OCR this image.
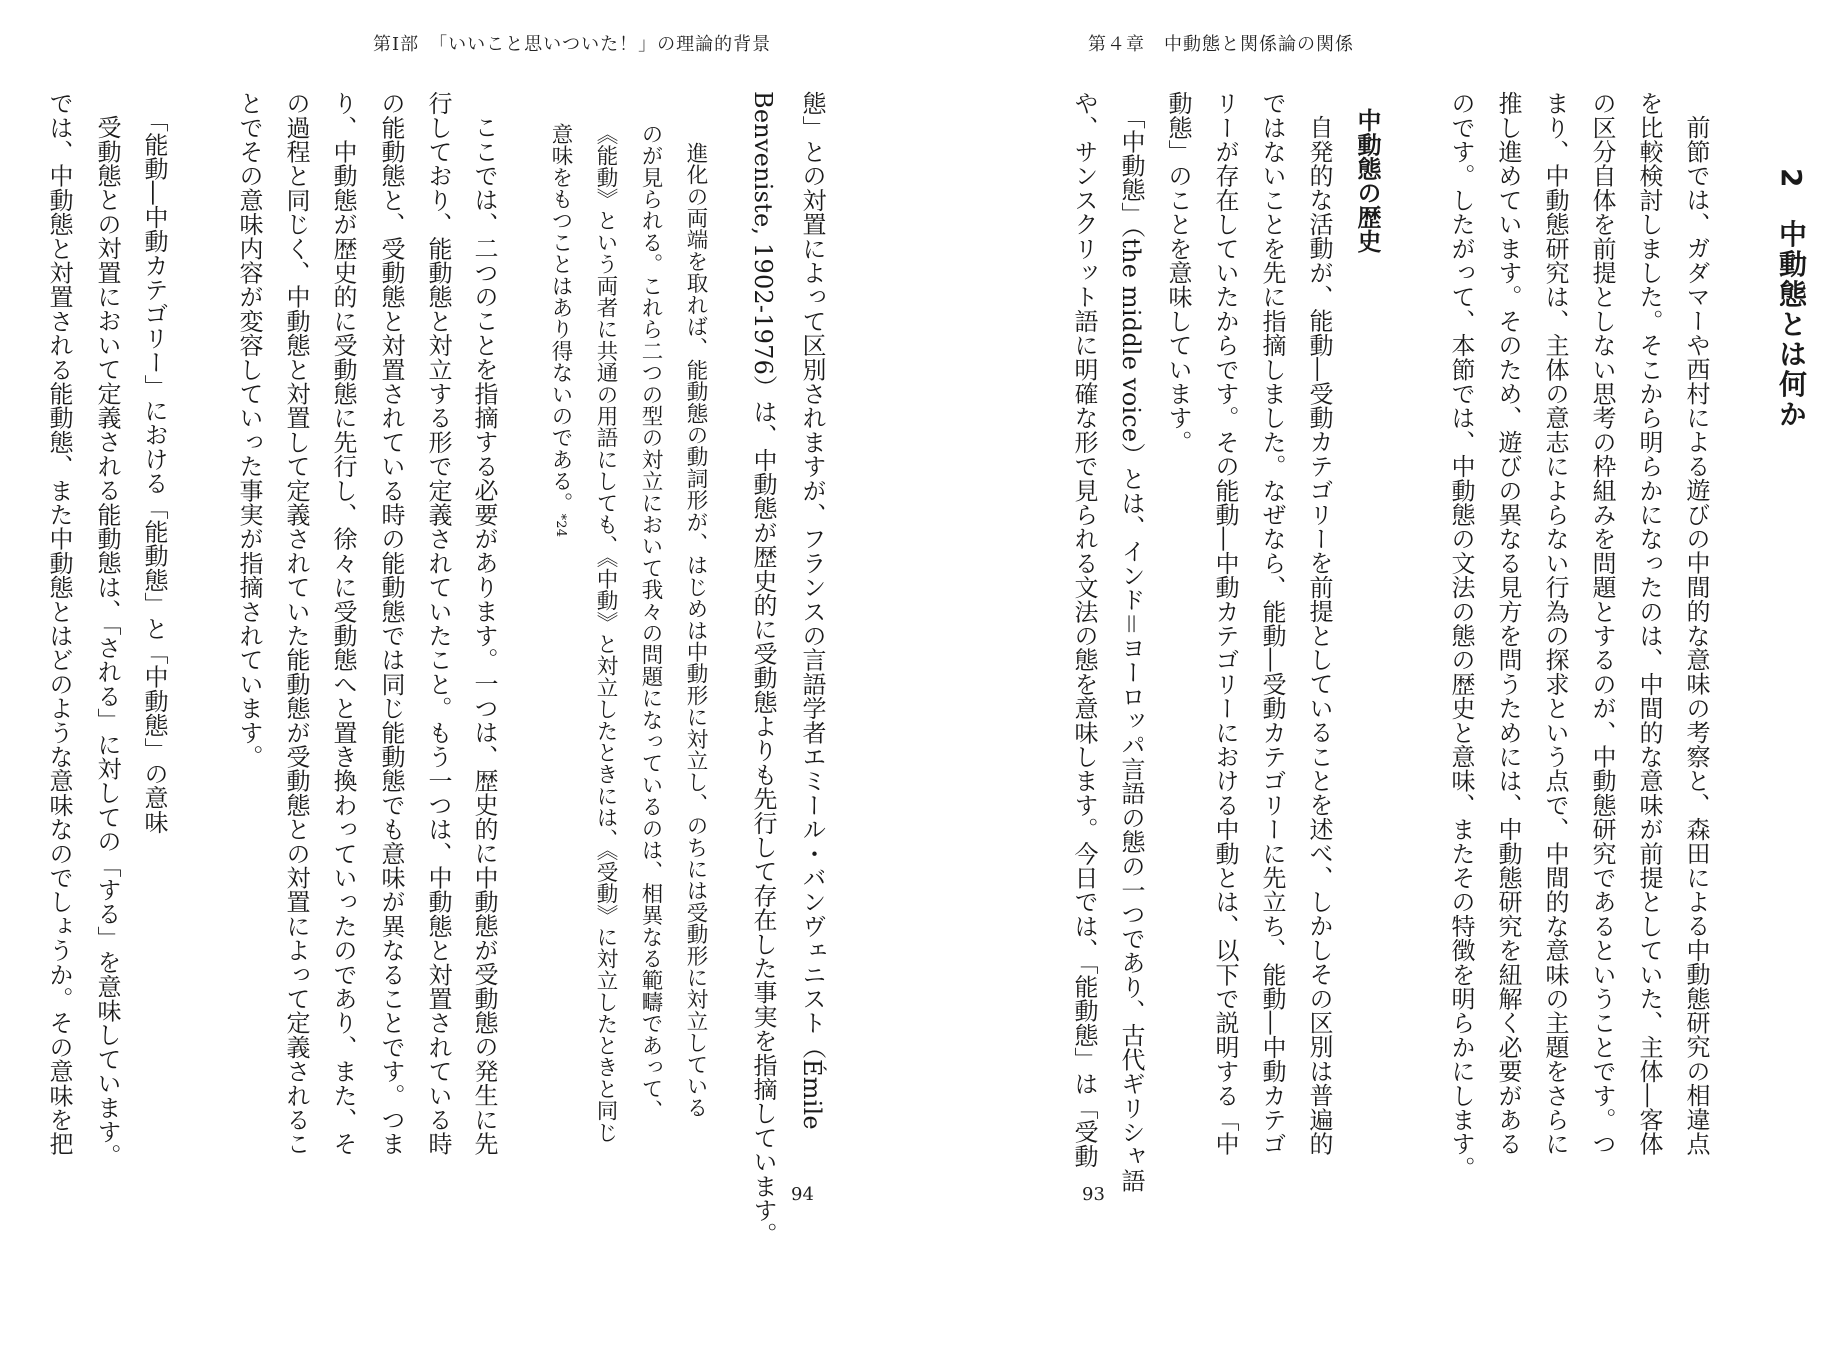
第Ⅰ部　「いいこと思いついた！」の理論的背景	第４章　中動態と関係論の関係
2　中動態とは何か
前節では、ガダマーや西村による遊びの中間的な意味の考察と、森田による中動態研究の相違点
を比較検討しました。そこから明らかになったのは、中間的な意味が前提としていた、主体―客体
の区分自体を前提としない思考の枠組みを問題とするのが、中動態研究であるということです。つ
まり、中動態研究は、主体の意志によらない行為の探求という点で、中間的な意味の主題をさらに
推し進めています。そのため、遊びの異なる見方を問うためには、中動態研究を紐解く必要がある
のです。したがって、本節では、中動態の文法の態の歴史と意味、またその特徴を明らかにします。
中動態の歴史
自発的な活動が、能動―受動カテゴリーを前提としていることを述べ、しかしその区別は普遍的
ではないことを先に指摘しました。なぜなら、能動―受動カテゴリーに先立ち、能動―中動カテゴ
リーが存在していたからです。その能動―中動カテゴリーにおける中動とは、以下で説明する「中
動態」のことを意味しています。
「中動態」（the middle voice）とは、インド＝ヨーロッパ言語の態の一つであり、古代ギリシャ語
や、サンスクリット語に明確な形で見られる文法の態を意味します。今日では、「能動態」は「受動
93
態」との対置によって区別されますが、フランスの言語学者エミール・バンヴェニスト（Émile
Benveniste, 1902-1976）は、中動態が歴史的に受動態よりも先行して存在した事実を指摘しています。
進化の両端を取れば、能動態の動詞形が、はじめは中動形に対立し、のちには受動形に対立している
のが見られる。これら二つの型の対立において我々の問題になっているのは、相異なる範疇であって、
《能動》という両者に共通の用語にしても、《中動》と対立したときには、《受動》に対立したときと同じ
意味をもつことはあり得ないのである。*24
ここでは、二つのことを指摘する必要があります。一つは、歴史的に中動態が受動態の発生に先
行しており、能動態と対立する形で定義されていたこと。もう一つは、中動態と対置されている時
の能動態と、受動態と対置されている時の能動態では同じ能動態でも意味が異なることです。つま
り、中動態が歴史的に受動態に先行し、徐々に受動態へと置き換わっていったのであり、また、そ
の過程と同じく、中動態と対置して定義されていた能動態が受動態との対置によって定義されるこ
とでその意味内容が変容していった事実が指摘されています。
「能動―中動カテゴリー」における「能動態」と「中動態」の意味
受動態との対置において定義される能動態は、「される」に対しての「する」を意味しています。
では、中動態と対置される能動態、また中動態とはどのような意味なのでしょうか。その意味を把
94
